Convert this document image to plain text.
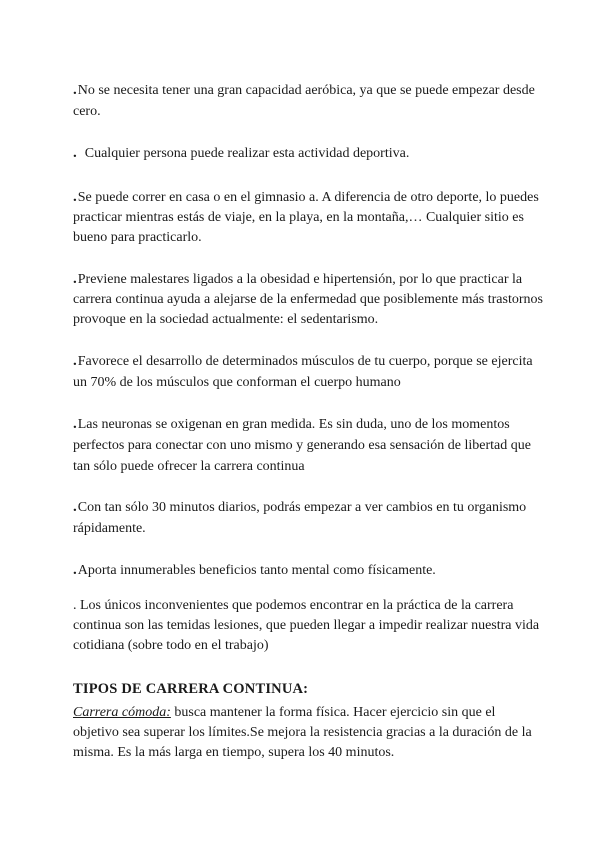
.No se necesita tener una gran capacidad aeróbica, ya que se puede empezar desde cero.

.  Cualquier persona puede realizar esta actividad deportiva.

.Se puede correr en casa o en el gimnasio a. A diferencia de otro deporte, lo puedes practicar mientras estás de viaje, en la playa, en la montaña,… Cualquier sitio es bueno para practicarlo.

.Previene malestares ligados a la obesidad e hipertensión, por lo que practicar la carrera continua ayuda a alejarse de la enfermedad que posiblemente más trastornos provoque en la sociedad actualmente: el sedentarismo.

.Favorece el desarrollo de determinados músculos de tu cuerpo, porque se ejercita un 70% de los músculos que conforman el cuerpo humano

.Las neuronas se oxigenan en gran medida. Es sin duda, uno de los momentos perfectos para conectar con uno mismo y generando esa sensación de libertad que tan sólo puede ofrecer la carrera continua

.Con tan sólo 30 minutos diarios, podrás empezar a ver cambios en tu organismo rápidamente.

.Aporta innumerables beneficios tanto mental como físicamente.

. Los únicos inconvenientes que podemos encontrar en la práctica de la carrera continua son las temidas lesiones, que pueden llegar a impedir realizar nuestra vida cotidiana (sobre todo en el trabajo)

TIPOS DE CARRERA CONTINUA:

Carrera cómoda: busca mantener la forma física. Hacer ejercicio sin que el objetivo sea superar los límites.Se mejora la resistencia gracias a la duración de la misma. Es la más larga en tiempo, supera los 40 minutos.
